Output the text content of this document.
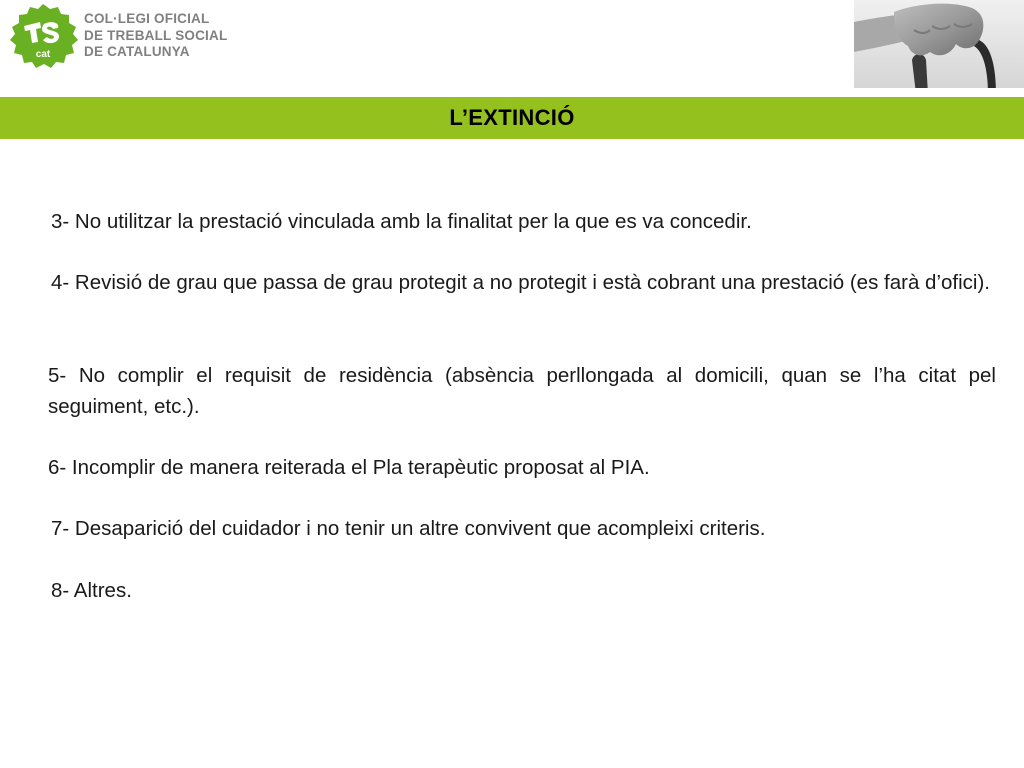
cat
COL·LEGI OFICIAL
DE TREBALL SOCIAL
DE CATALUNYA
L’EXTINCIÓ
3- No utilitzar la prestació vinculada amb la finalitat per la que es va concedir.
4- Revisió de grau que passa de grau protegit a no protegit i està cobrant una prestació (es farà d’ofici).
5- No complir el requisit de residència (absència perllongada al domicili, quan se l’ha citat pel seguiment, etc.).
6- Incomplir de manera reiterada el Pla terapèutic proposat al PIA.
7- Desaparició del cuidador i no tenir un altre convivent que acompleixi criteris.
8- Altres.
